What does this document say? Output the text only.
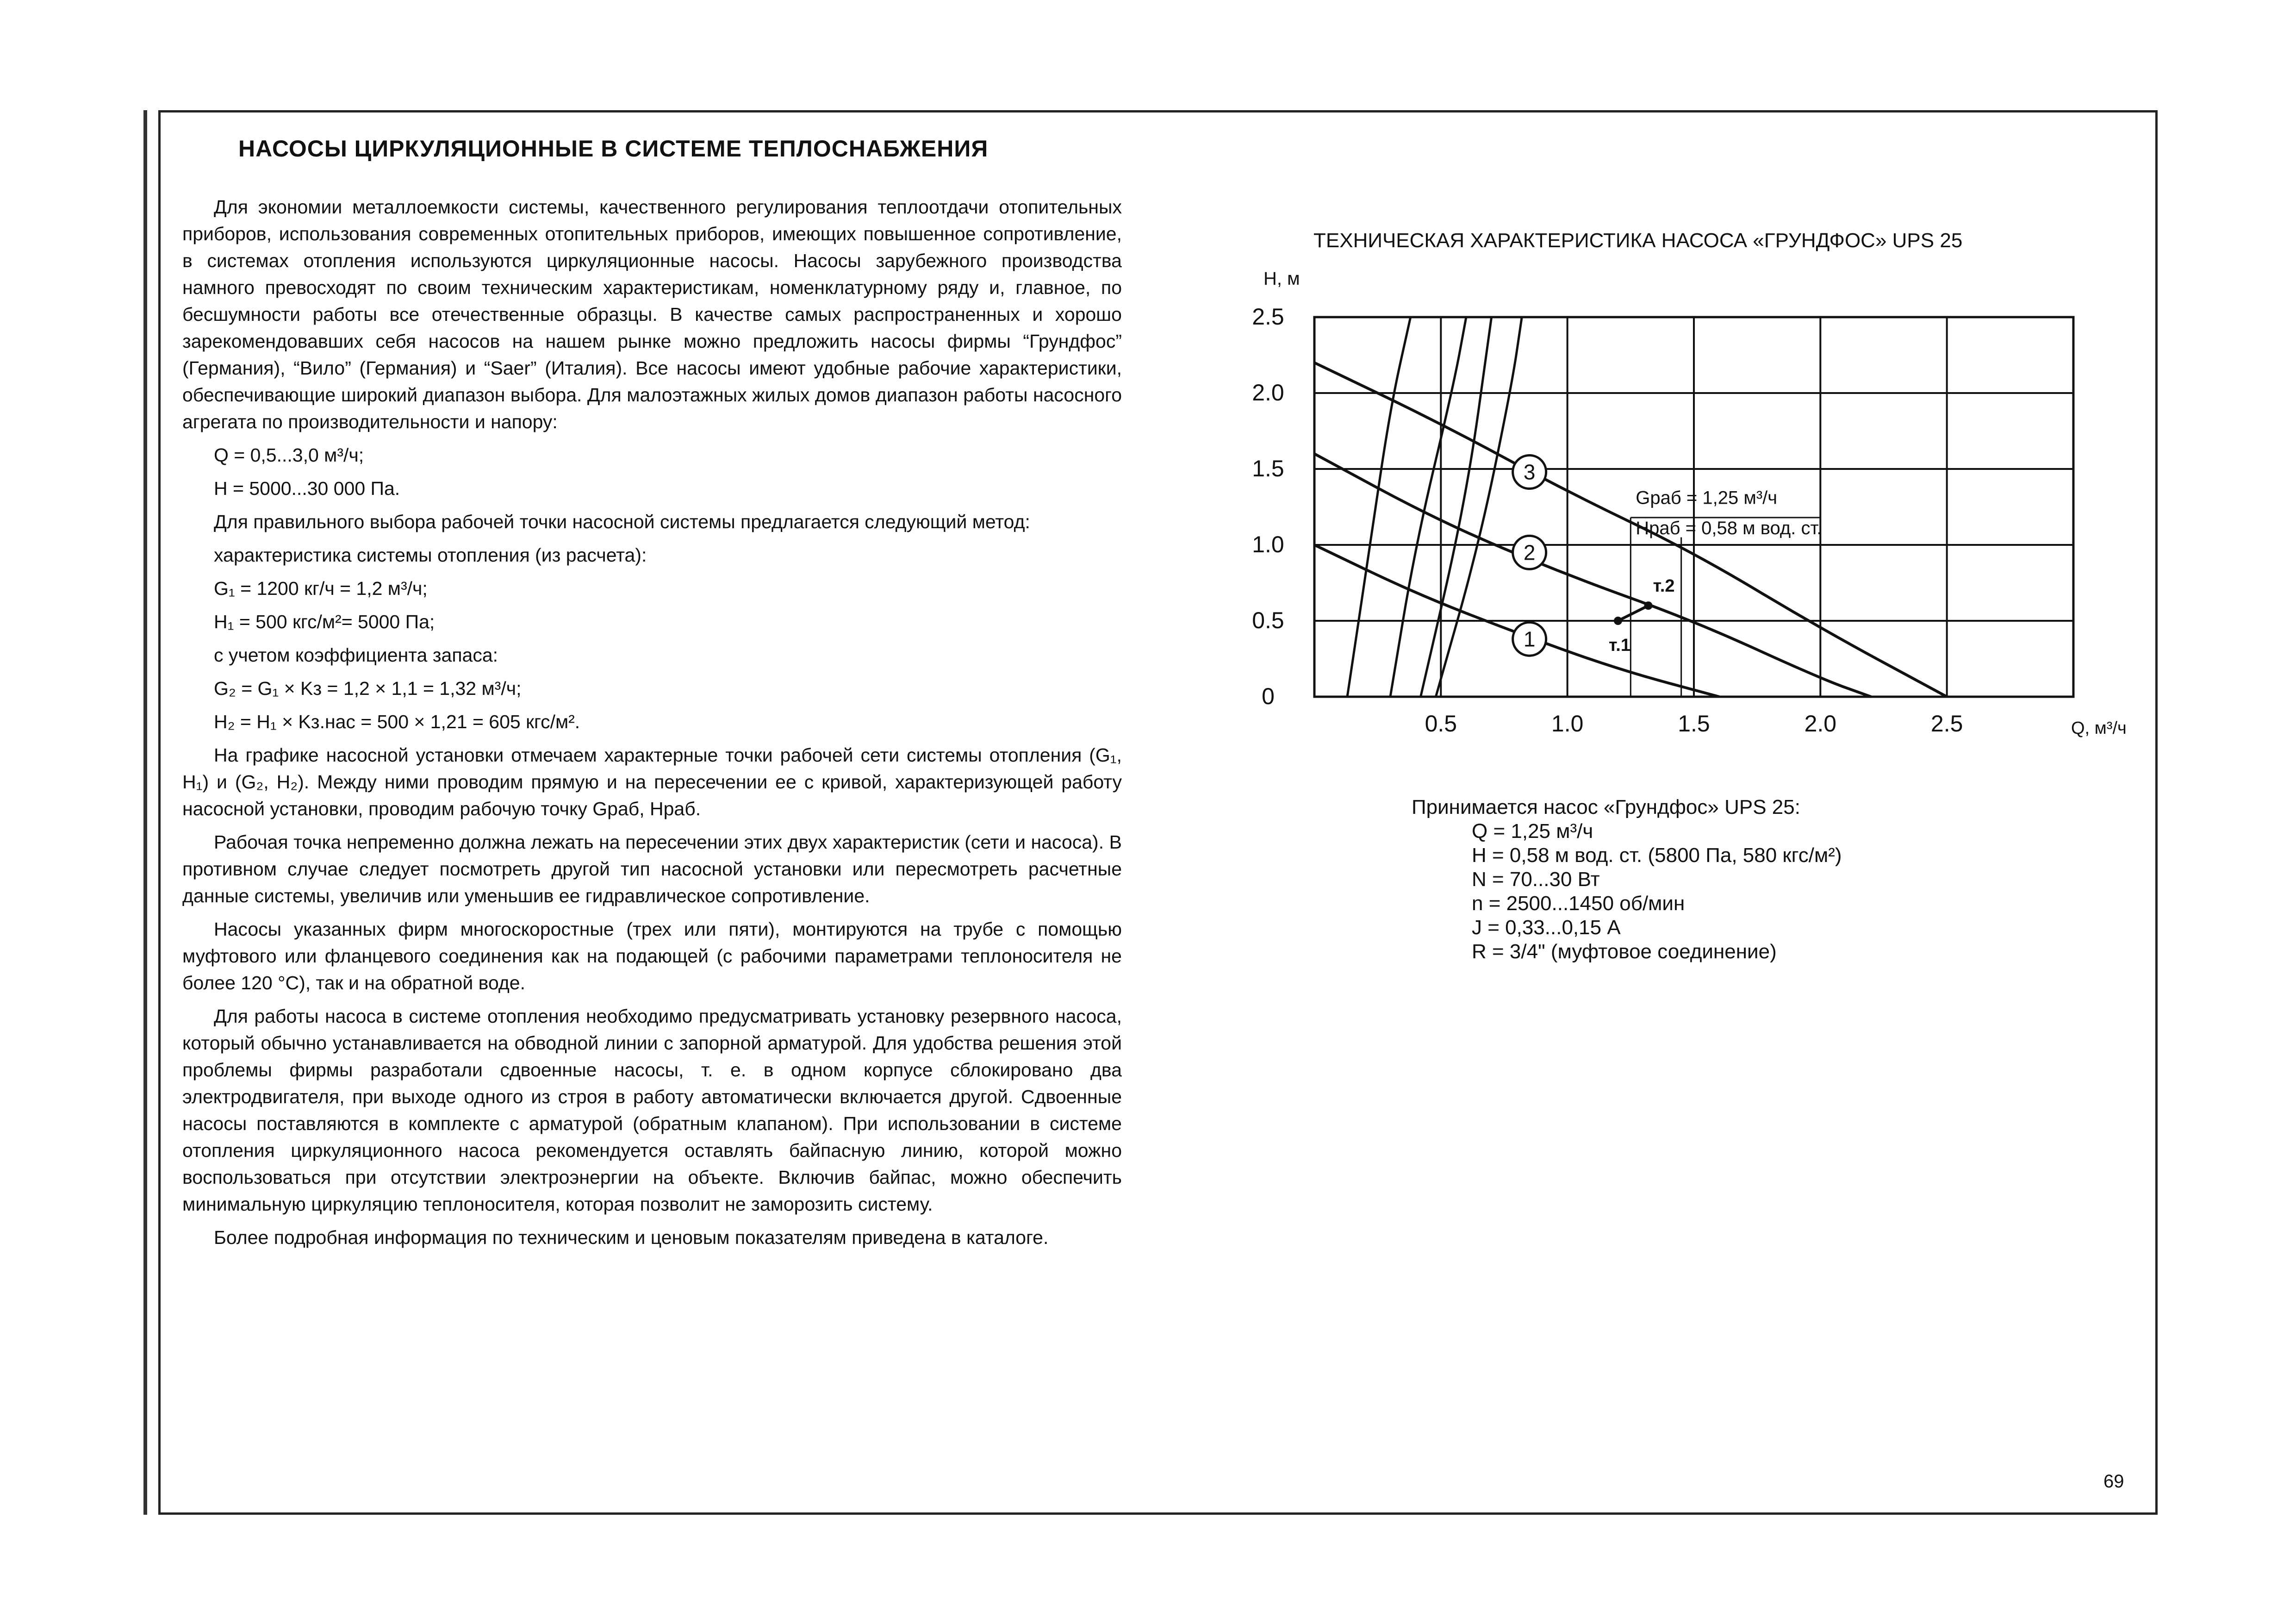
НАСОСЫ ЦИРКУЛЯЦИОННЫЕ В СИСТЕМЕ ТЕПЛОСНАБЖЕНИЯ

Для экономии металлоемкости системы, качественного регулирования теплоотдачи отопительных приборов, использования современных отопительных приборов, имеющих повышенное сопротивление, в системах отопления используются циркуляционные насосы. Насосы зарубежного производства намного превосходят по своим техническим характеристикам, номенклатурному ряду и, главное, по бесшумности работы все отечественные образцы. В качестве самых распространенных и хорошо зарекомендовавших себя насосов на нашем рынке можно предложить насосы фирмы “Грундфос” (Германия), “Вило” (Германия) и “Saer” (Италия). Все насосы имеют удобные рабочие характеристики, обеспечивающие широкий диапазон выбора. Для малоэтажных жилых домов диапазон работы насосного агрегата по производительности и напору:

Q = 0,5...3,0 м³/ч;

H = 5000...30 000 Па.

Для правильного выбора рабочей точки насосной системы предлагается следующий метод:

характеристика системы отопления (из расчета):

G₁ = 1200 кг/ч = 1,2 м³/ч;

H₁ = 500 кгс/м²= 5000 Па;

с учетом коэффициента запаса:

G₂ = G₁ × Kз = 1,2 × 1,1 = 1,32 м³/ч;

H₂ = H₁ × Kз.нас = 500 × 1,21 = 605 кгс/м².

На графике насосной установки отмечаем характерные точки рабочей сети системы отопления (G₁, H₁) и (G₂, H₂). Между ними проводим прямую и на пересечении ее с кривой, характеризующей работу насосной установки, проводим рабочую точку Gраб, Hраб.

Рабочая точка непременно должна лежать на пересечении этих двух характеристик (сети и насоса). В противном случае следует посмотреть другой тип насосной установки или пересмотреть расчетные данные системы, увеличив или уменьшив ее гидравлическое сопротивление.

Насосы указанных фирм многоскоростные (трех или пяти), монтируются на трубе с помощью муфтового или фланцевого соединения как на подающей (с рабочими параметрами теплоносителя не более 120 °C), так и на обратной воде.

Для работы насоса в системе отопления необходимо предусматривать установку резервного насоса, который обычно устанавливается на обводной линии с запорной арматурой. Для удобства решения этой проблемы фирмы разработали сдвоенные насосы, т. е. в одном корпусе сблокировано два электродвигателя, при выходе одного из строя в работу автоматически включается другой. Сдвоенные насосы поставляются в комплекте с арматурой (обратным клапаном). При использовании в системе отопления циркуляционного насоса рекомендуется оставлять байпасную линию, которой можно воспользоваться при отсутствии электроэнергии на объекте. Включив байпас, можно обеспечить минимальную циркуляцию теплоносителя, которая позволит не заморозить систему.

Более подробная информация по техническим и ценовым показателям приведена в каталоге.

ТЕХНИЧЕСКАЯ ХАРАКТЕРИСТИКА НАСОСА «ГРУНДФОС» UPS 25
0.5	1.0	1.5	2.0	2.5
0
0.5
1.0
1.5
2.0
2.5
H, м
Q, м³/ч
3
2
1	т.1
т.2
Gраб = 1,25 м³/ч
Hраб = 0,58 м вод. ст.
Принимается насос «Грундфос» UPS 25:
Q = 1,25 м³/ч
H = 0,58 м вод. ст. (5800 Па, 580 кгс/м²)
N = 70...30 Вт
n = 2500...1450 об/мин
J = 0,33...0,15 А
R = 3/4" (муфтовое соединение)
69
